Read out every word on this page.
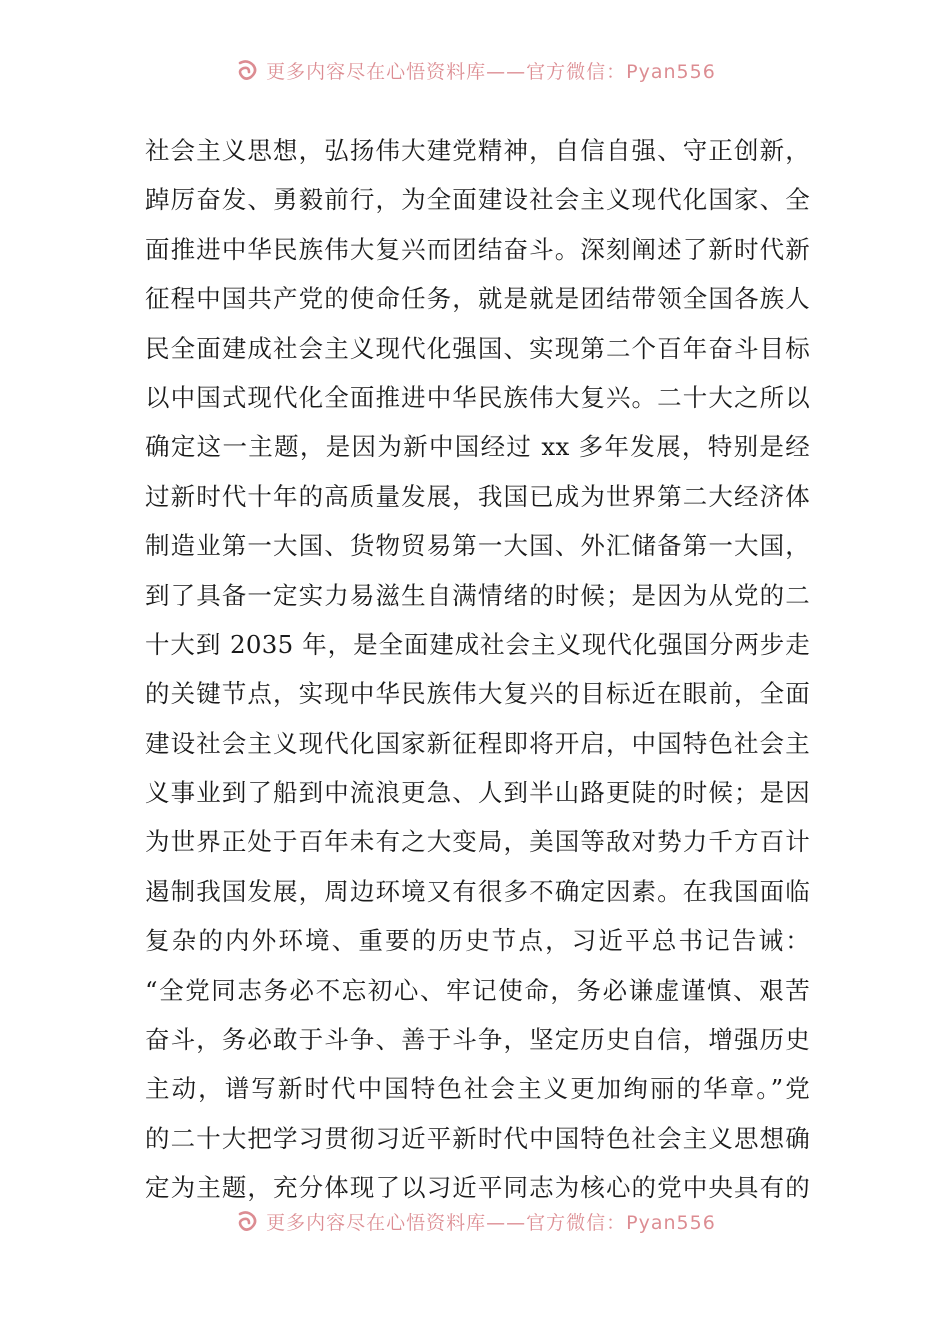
更多内容尽在心悟资料库——官方微信：Pyan556
社会主义思想，弘扬伟大建党精神，自信自强、守正创新，
踔厉奋发、勇毅前行，为全面建设社会主义现代化国家、全
面推进中华民族伟大复兴而团结奋斗。深刻阐述了新时代新
征程中国共产党的使命任务，就是就是团结带领全国各族人
民全面建成社会主义现代化强国、实现第二个百年奋斗目标
以中国式现代化全面推进中华民族伟大复兴。二十大之所以
确定这一主题，是因为新中国经过 xx 多年发展，特别是经
过新时代十年的高质量发展，我国已成为世界第二大经济体
制造业第一大国、货物贸易第一大国、外汇储备第一大国，
到了具备一定实力易滋生自满情绪的时候；是因为从党的二
十大到 2035 年，是全面建成社会主义现代化强国分两步走
的关键节点，实现中华民族伟大复兴的目标近在眼前，全面
建设社会主义现代化国家新征程即将开启，中国特色社会主
义事业到了船到中流浪更急、人到半山路更陡的时候；是因
为世界正处于百年未有之大变局，美国等敌对势力千方百计
遏制我国发展，周边环境又有很多不确定因素。在我国面临
复杂的内外环境、重要的历史节点，习近平总书记告诫：
“全党同志务必不忘初心、牢记使命，务必谦虚谨慎、艰苦
奋斗，务必敢于斗争、善于斗争，坚定历史自信，增强历史
主动，谱写新时代中国特色社会主义更加绚丽的华章。”党
的二十大把学习贯彻习近平新时代中国特色社会主义思想确
定为主题，充分体现了以习近平同志为核心的党中央具有的
更多内容尽在心悟资料库——官方微信：Pyan556
